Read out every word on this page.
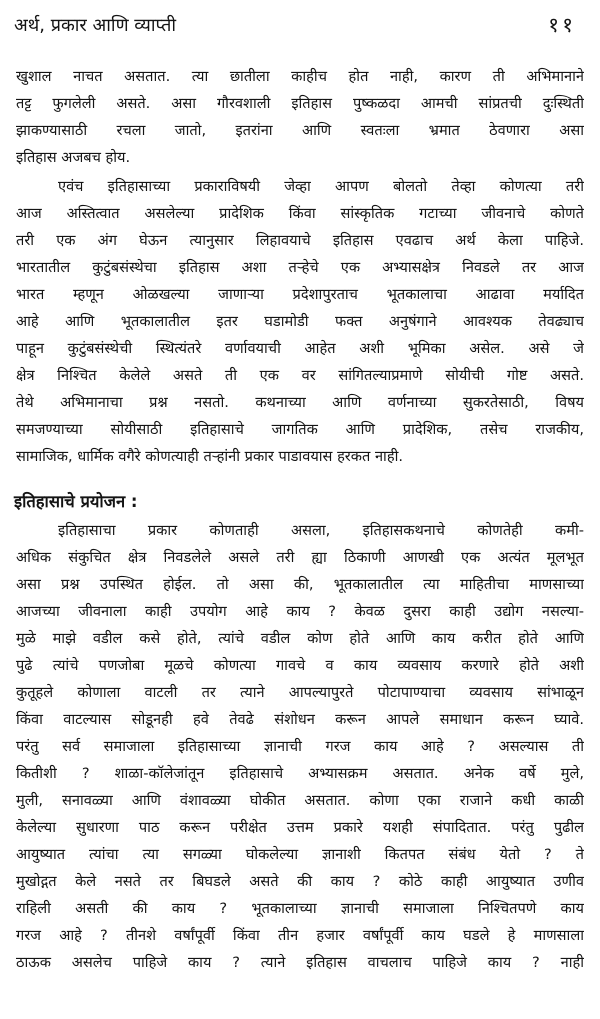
अर्थ, प्रकार आणि व्याप्ती	११
खुशाल नाचत असतात. त्या छातीला काहीच होत नाही, कारण ती अभिमानाने
तट्ट फुगलेली असते. असा गौरवशाली इतिहास पुष्कळदा आमची सांप्रतची दुःस्थिती
झाकण्यासाठी रचला जातो, इतरांना आणि स्वतःला भ्रमात ठेवणारा असा
इतिहास अजबच होय.
एवंच इतिहासाच्या प्रकाराविषयी जेव्हा आपण बोलतो तेव्हा कोणत्या तरी
आज अस्तित्वात असलेल्या प्रादेशिक किंवा सांस्कृतिक गटाच्या जीवनाचे कोणते
तरी एक अंग घेऊन त्यानुसार लिहावयाचे इतिहास एवढाच अर्थ केला पाहिजे.
भारतातील कुटुंबसंस्थेचा इतिहास अशा तऱ्हेचे एक अभ्यासक्षेत्र निवडले तर आज
भारत म्हणून ओळखल्या जाणाऱ्या प्रदेशापुरताच भूतकालाचा आढावा मर्यादित
आहे आणि भूतकालातील इतर घडामोडी फक्त अनुषंगाने आवश्यक तेवढ्याच
पाहून कुटुंबसंस्थेची स्थित्यंतरे वर्णावयाची आहेत अशी भूमिका असेल. असे जे
क्षेत्र निश्चित केलेले असते ती एक वर सांगितल्याप्रमाणे सोयीची गोष्ट असते.
तेथे अभिमानाचा प्रश्न नसतो. कथनाच्या आणि वर्णनाच्या सुकरतेसाठी, विषय
समजण्याच्या सोयीसाठी इतिहासाचे जागतिक आणि प्रादेशिक, तसेच राजकीय,
सामाजिक, धार्मिक वगैरे कोणत्याही तऱ्हांनी प्रकार पाडावयास हरकत नाही.
इतिहासाचे प्रयोजन :
इतिहासाचा प्रकार कोणताही असला, इतिहासकथनाचे कोणतेही कमी-
अधिक संकुचित क्षेत्र निवडलेले असले तरी ह्या ठिकाणी आणखी एक अत्यंत मूलभूत
असा प्रश्न उपस्थित होईल. तो असा की, भूतकालातील त्या माहितीचा माणसाच्या
आजच्या जीवनाला काही उपयोग आहे काय ? केवळ दुसरा काही उद्योग नसल्या-
मुळे माझे वडील कसे होते, त्यांचे वडील कोण होते आणि काय करीत होते आणि
पुढे त्यांचे पणजोबा मूळचे कोणत्या गावचे व काय व्यवसाय करणारे होते अशी
कुतूहले कोणाला वाटली तर त्याने आपल्यापुरते पोटापाण्याचा व्यवसाय सांभाळून
किंवा वाटल्यास सोडूनही हवे तेवढे संशोधन करून आपले समाधान करून घ्यावे.
परंतु सर्व समाजाला इतिहासाच्या ज्ञानाची गरज काय आहे ? असल्यास ती
कितीशी ? शाळा-कॉलेजांतून इतिहासाचे अभ्यासक्रम असतात. अनेक वर्षे मुले,
मुली, सनावळ्या आणि वंशावळ्या घोकीत असतात. कोणा एका राजाने कधी काळी
केलेल्या सुधारणा पाठ करून परीक्षेत उत्तम प्रकारे यशही संपादितात. परंतु पुढील
आयुष्यात त्यांचा त्या सगळ्या घोकलेल्या ज्ञानाशी कितपत संबंध येतो ? ते
मुखोद्गत केले नसते तर बिघडले असते की काय ? कोठे काही आयुष्यात उणीव
राहिली असती की काय ? भूतकालाच्या ज्ञानाची समाजाला निश्चितपणे काय
गरज आहे ? तीनशे वर्षांपूर्वी किंवा तीन हजार वर्षांपूर्वी काय घडले हे माणसाला
ठाऊक असलेच पाहिजे काय ? त्याने इतिहास वाचलाच पाहिजे काय ? नाही
